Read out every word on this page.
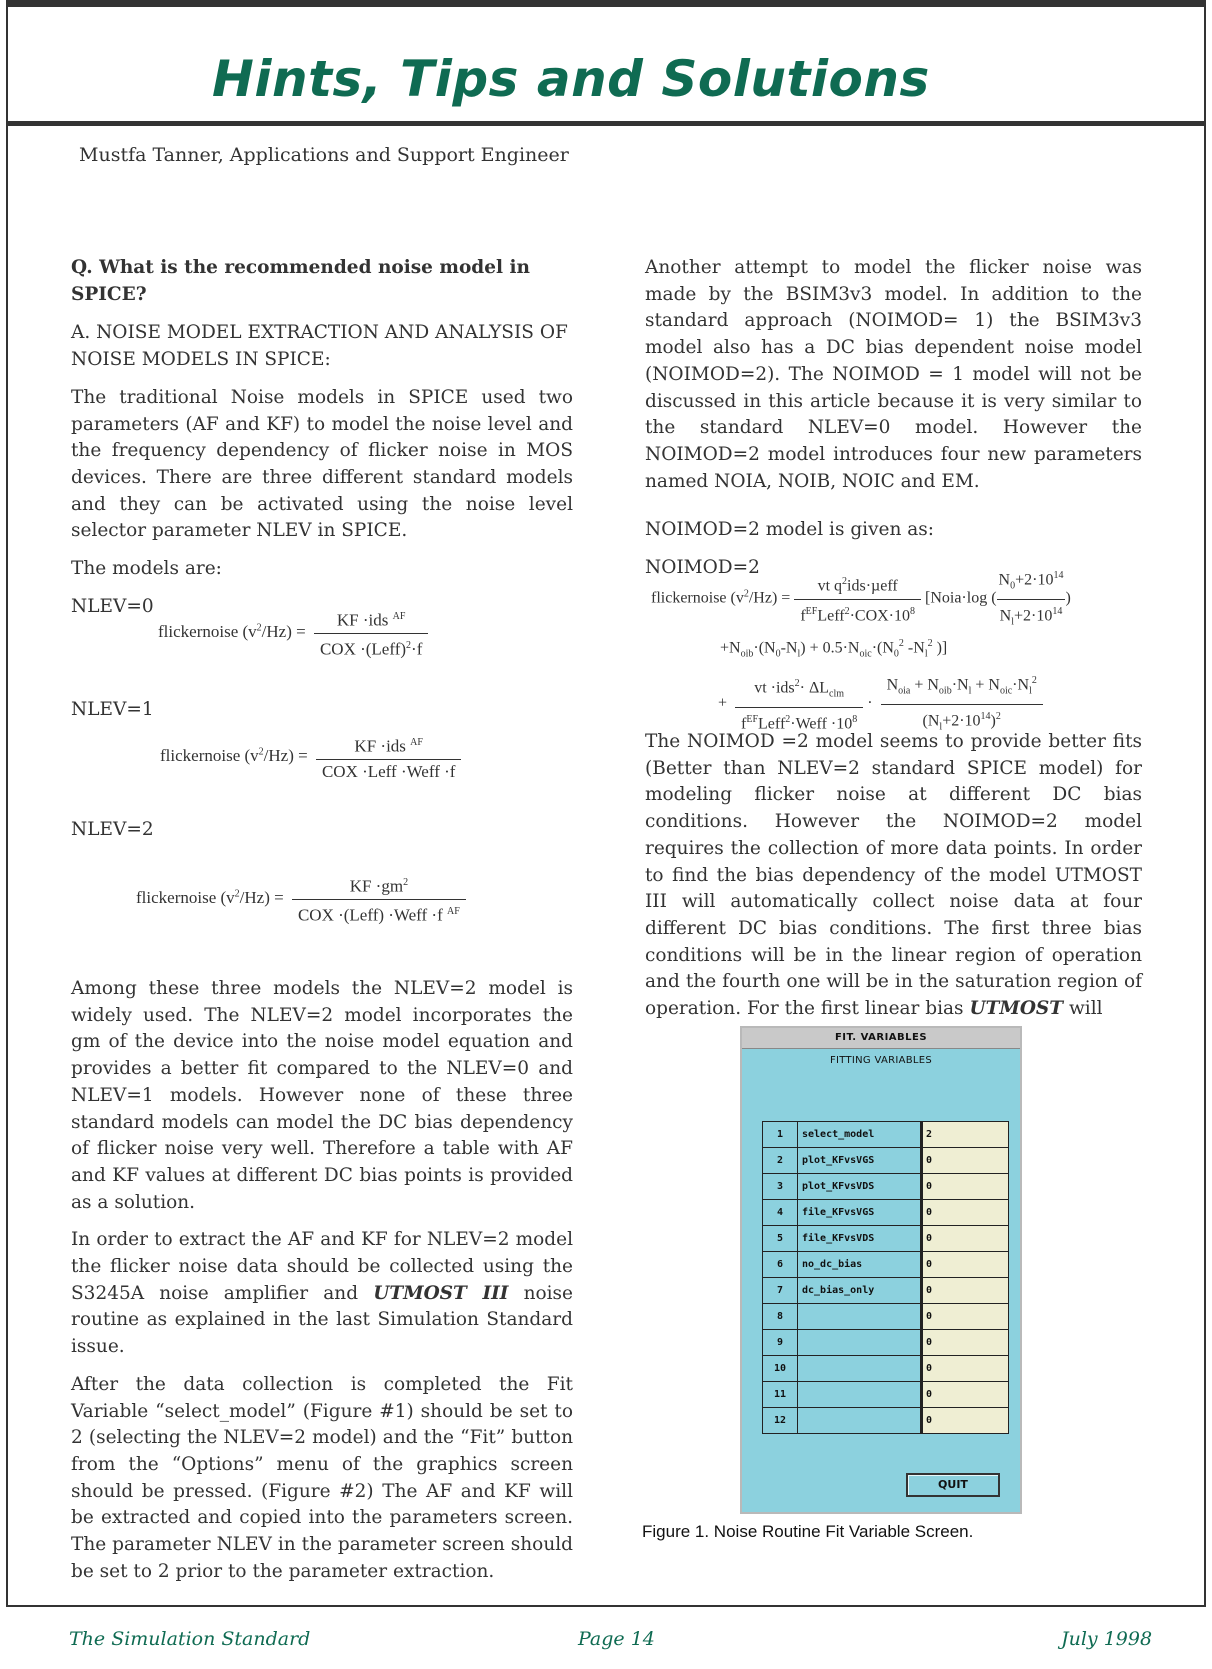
Hints, Tips and Solutions
Mustfa Tanner, Applications and Support Engineer

Q. What is the recommended noise model in SPICE?

A. NOISE MODEL EXTRACTION AND ANALYSIS OF NOISE MODELS IN SPICE:

The traditional Noise models in SPICE used two parameters (AF and KF) to model the noise level and the frequency dependency of flicker noise in MOS devices. There are three different standard models and they can be activated using the noise level selector parameter NLEV in SPICE.

The models are:

NLEV=0

flickernoise $(v^2/Hz) = \frac{KF \cdot ids ^{AF}}{COX \cdot(Leff)^2\cdot f}$
NLEV=1
flickernoise $(v^2/Hz) = \frac{KF \cdot ids ^{AF}}{\text{COX ·Leff ·Weff ·f}}$
NLEV=2
flickernoise $(v^2/Hz) = \frac{KF \cdot gm^2}{COX \cdot(Leff) \cdot Weff \cdot f ^{AF}}$

Among these three models the NLEV=2 model is widely used. The NLEV=2 model incorporates the gm of the device into the noise model equation and provides a better fit compared to the NLEV=0 and NLEV=1 models. However none of these three standard models can model the DC bias dependency of flicker noise very well. Therefore a table with AF and KF values at different DC bias points is provided as a solution.

In order to extract the AF and KF for NLEV=2 model the flicker noise data should be collected using the S3245A noise amplifier and UTMOST III noise routine as explained in the last Simulation Standard issue.

After the data collection is completed the Fit Variable “select_model” (Figure #1) should be set to 2 (selecting the NLEV=2 model) and the “Fit” button from the “Options” menu of the graphics screen should be pressed. (Figure #2) The AF and KF will be extracted and copied into the parameters screen. The parameter NLEV in the parameter screen should be set to 2 prior to the parameter extraction.

Another attempt to model the flicker noise was made by the BSIM3v3 model. In addition to the standard approach (NOIMOD= 1) the BSIM3v3 model also has a DC bias dependent noise model (NOIMOD=2). The NOIMOD = 1 model will not be discussed in this article because it is very similar to the standard NLEV=0 model. However the NOIMOD=2 model introduces four new parameters named NOIA, NOIB, NOIC and EM.

NOIMOD=2 model is given as:

NOIMOD=2

flickernoise $(v^2/Hz) = \frac{vt q^2ids\cdot\mu eff}{f^{EF}Leff^2\cdot COX\cdot 10^8}$ [Noia·log ( $\frac{N_0+2\cdot 10^{14}}{N_l+2\cdot 10^{14}}$ )
$+N_{oib}\cdot(N_0-N_l) + 0.5\cdot N_{oic}\cdot(N_0^2$ $-N_l^2$ )]
+ $\frac{vt \cdot ids^2\cdot \Delta L_{clm}}{f^{EF}Leff^2\cdot Weff \cdot 10^8} \cdot \frac{N_{oia} + N_{oib}\cdot N_l + N_{oic}\cdot N_l^2}{(N_l+2\cdot 10^{14})^2}$

The NOIMOD =2 model seems to provide better fits (Better than NLEV=2 standard SPICE model) for modeling flicker noise at different DC bias conditions. However the NOIMOD=2 model requires the collection of more data points. In order to find the bias dependency of the model UTMOST III will automatically collect noise data at four different DC bias conditions. The first three bias conditions will be in the linear region of operation and the fourth one will be in the saturation region of operation. For the first linear bias UTMOST will

FIT. VARIABLES
FITTING VARIABLES
1	select_model	2
2	plot_KFvsVGS	0
3	plot_KFvsVDS	0
4	file_KFvsVGS	0
5	file_KFvsVDS	0
6	no_dc_bias	0
7	dc_bias_only	0
8		0
9		0
10		0
11		0
12		0
QUIT
Figure 1. Noise Routine Fit Variable Screen.
The Simulation Standard	Page 14	July 1998
